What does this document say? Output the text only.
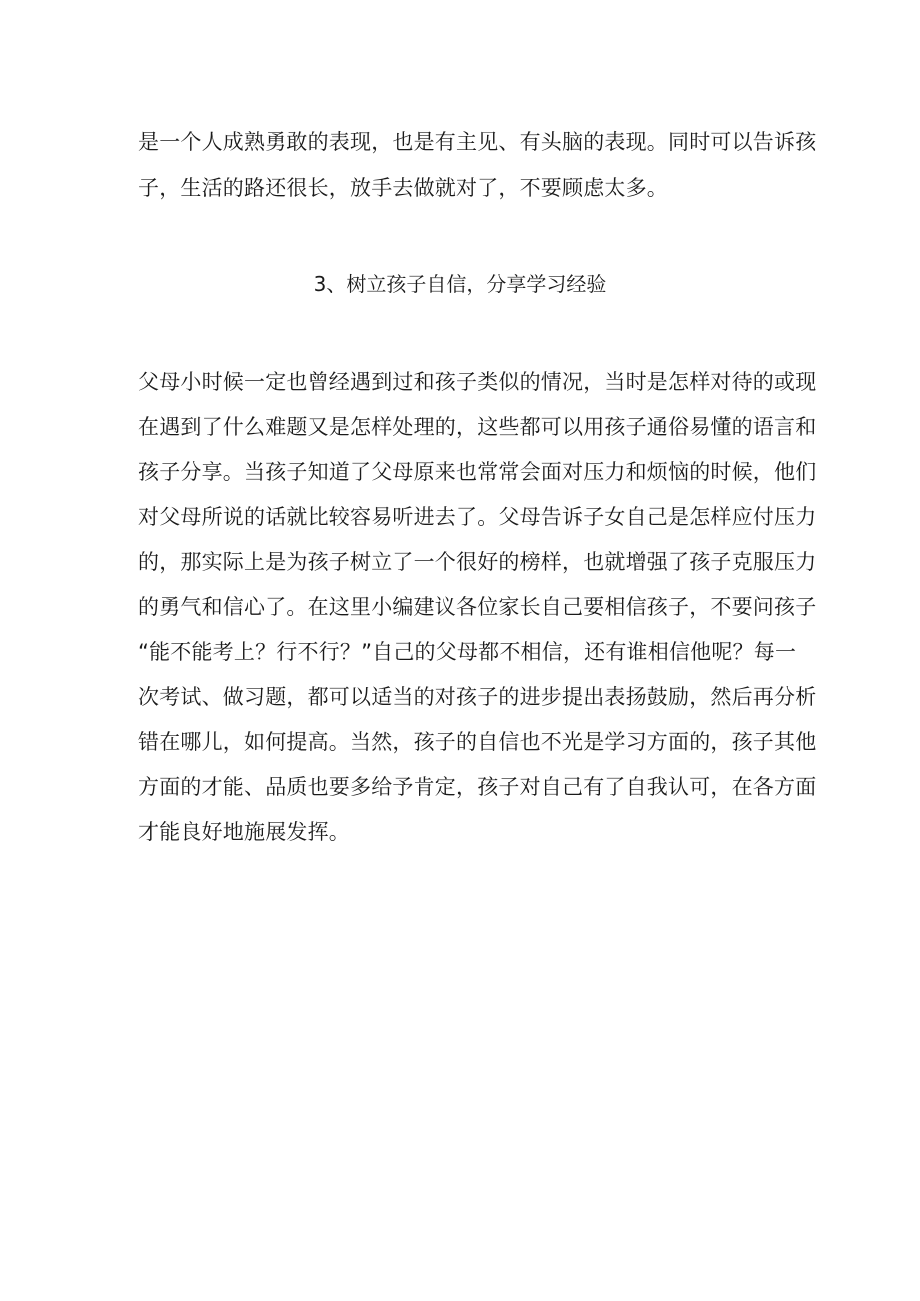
是一个人成熟勇敢的表现，也是有主见、有头脑的表现。同时可以告诉孩
子，生活的路还很长，放手去做就对了，不要顾虑太多。
3、树立孩子自信，分享学习经验
父母小时候一定也曾经遇到过和孩子类似的情况，当时是怎样对待的或现
在遇到了什么难题又是怎样处理的，这些都可以用孩子通俗易懂的语言和
孩子分享。当孩子知道了父母原来也常常会面对压力和烦恼的时候，他们
对父母所说的话就比较容易听进去了。父母告诉子女自己是怎样应付压力
的，那实际上是为孩子树立了一个很好的榜样，也就增强了孩子克服压力
的勇气和信心了。在这里小编建议各位家长自己要相信孩子，不要问孩子
“能不能考上？行不行？”自己的父母都不相信，还有谁相信他呢？每一
次考试、做习题，都可以适当的对孩子的进步提出表扬鼓励，然后再分析
错在哪儿，如何提高。当然，孩子的自信也不光是学习方面的，孩子其他
方面的才能、品质也要多给予肯定，孩子对自己有了自我认可，在各方面
才能良好地施展发挥。
